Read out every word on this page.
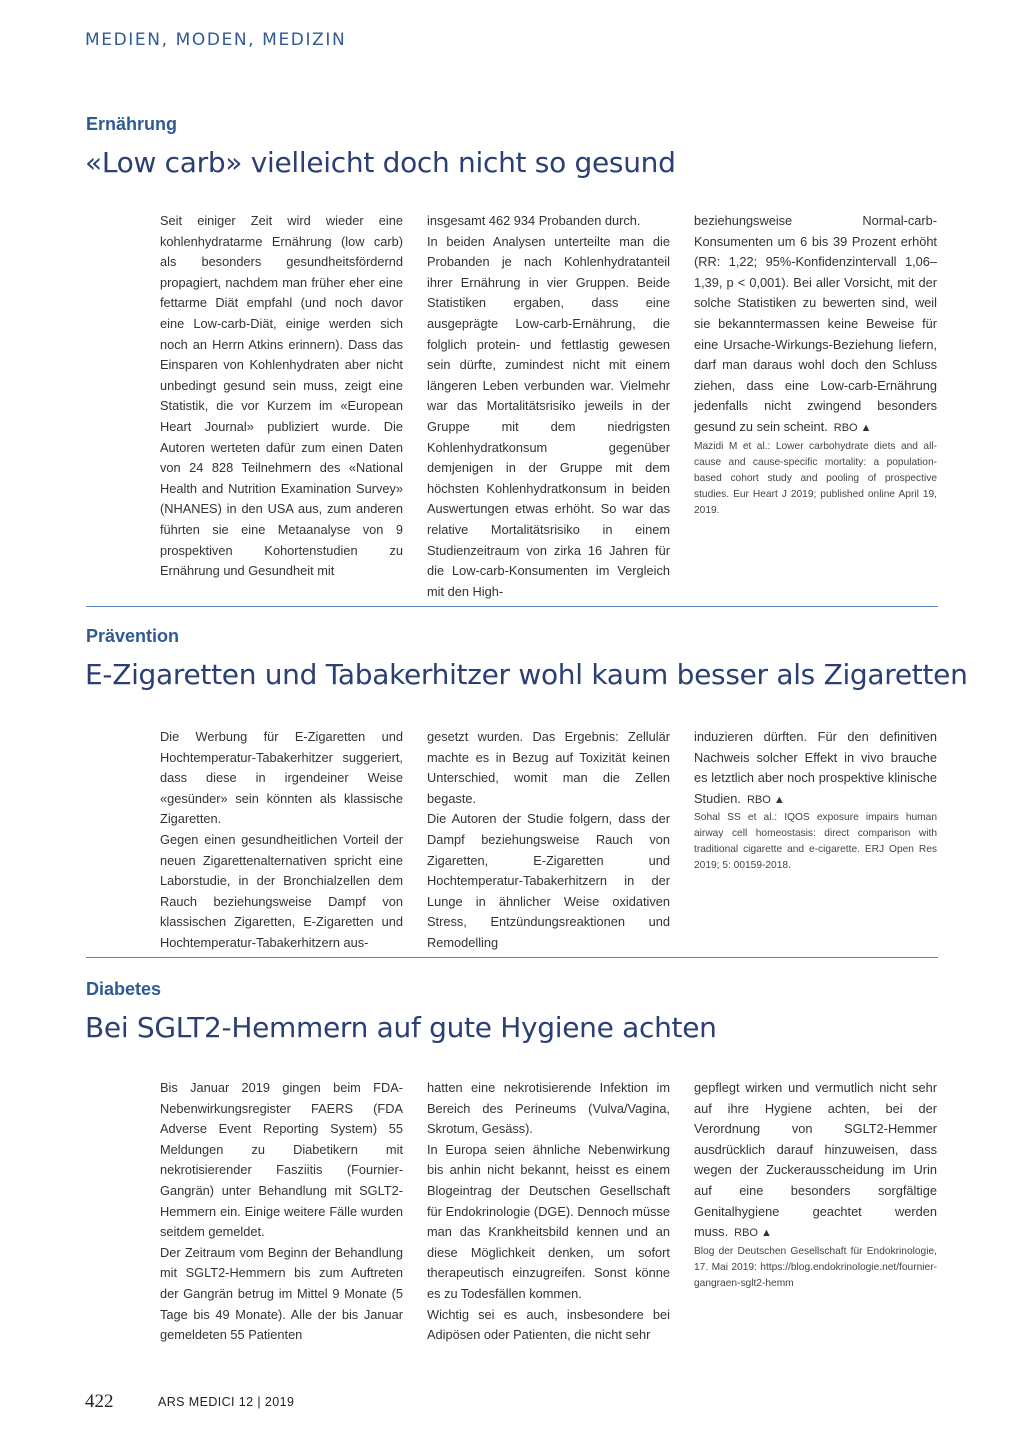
MEDIEN, MODEN, MEDIZIN
Ernährung
«Low carb» vielleicht doch nicht so gesund

Seit einiger Zeit wird wieder eine kohlenhydratarme Ernährung (low carb) als besonders gesundheitsfördernd propagiert, nachdem man früher eher eine fettarme Diät empfahl (und noch davor eine Low-carb-Diät, einige werden sich noch an Herrn Atkins erinnern). Dass das Einsparen von Kohlenhydraten aber nicht unbedingt gesund sein muss, zeigt eine Statistik, die vor Kurzem im «European Heart Journal» publiziert wurde. Die Autoren werteten dafür zum einen Daten von 24 828 Teilnehmern des «National Health and Nutrition Examination Survey» (NHANES) in den USA aus, zum anderen führten sie eine Metaanalyse von 9 prospektiven Kohortenstudien zu Ernährung und Gesundheit mit

insgesamt 462 934 Probanden durch.

In beiden Analysen unterteilte man die Probanden je nach Kohlenhydratanteil ihrer Ernährung in vier Gruppen. Beide Statistiken ergaben, dass eine ausgeprägte Low-carb-Ernährung, die folglich protein- und fettlastig gewesen sein dürfte, zumindest nicht mit einem längeren Leben verbunden war. Vielmehr war das Mortalitätsrisiko jeweils in der Gruppe mit dem niedrigsten Kohlenhydratkonsum gegenüber demjenigen in der Gruppe mit dem höchsten Kohlenhydratkonsum in beiden Auswertungen etwas erhöht. So war das relative Mortalitätsrisiko in einem Studienzeitraum von zirka 16 Jahren für die Low-carb-Konsumenten im Vergleich mit den High-

beziehungsweise Normal-carb-Konsumenten um 6 bis 39 Prozent erhöht (RR: 1,22; 95%-Konfidenzintervall 1,06–1,39, p < 0,001). Bei aller Vorsicht, mit der solche Statistiken zu bewerten sind, weil sie bekanntermassen keine Beweise für eine Ursache-Wirkungs-Beziehung liefern, darf man daraus wohl doch den Schluss ziehen, dass eine Low-carb-Ernährung jedenfalls nicht zwingend besonders gesund zu sein scheint. RBO ▲

Mazidi M et al.: Lower carbohydrate diets and all-cause and cause-specific mortality: a population-based cohort study and pooling of prospective studies. Eur Heart J 2019; published online April 19, 2019.

Prävention
E-Zigaretten und Tabakerhitzer wohl kaum besser als Zigaretten

Die Werbung für E-Zigaretten und Hochtemperatur-Tabakerhitzer suggeriert, dass diese in irgendeiner Weise «gesünder» sein könnten als klassische Zigaretten.

Gegen einen gesundheitlichen Vorteil der neuen Zigarettenalternativen spricht eine Laborstudie, in der Bronchialzellen dem Rauch beziehungsweise Dampf von klassischen Zigaretten, E-Zigaretten und Hochtemperatur-Tabakerhitzern aus-

gesetzt wurden. Das Ergebnis: Zellulär machte es in Bezug auf Toxizität keinen Unterschied, womit man die Zellen begaste.

Die Autoren der Studie folgern, dass der Dampf beziehungsweise Rauch von Zigaretten, E-Zigaretten und Hochtemperatur-Tabakerhitzern in der Lunge in ähnlicher Weise oxidativen Stress, Entzündungsreaktionen und Remodelling

induzieren dürften. Für den definitiven Nachweis solcher Effekt in vivo brauche es letztlich aber noch prospektive klinische Studien. RBO ▲

Sohal SS et al.: IQOS exposure impairs human airway cell homeostasis: direct comparison with traditional cigarette and e-cigarette. ERJ Open Res 2019; 5: 00159-2018.

Diabetes
Bei SGLT2-Hemmern auf gute Hygiene achten

Bis Januar 2019 gingen beim FDA-Nebenwirkungsregister FAERS (FDA Adverse Event Reporting System) 55 Meldungen zu Diabetikern mit nekrotisierender Fasziitis (Fournier-Gangrän) unter Behandlung mit SGLT2-Hemmern ein. Einige weitere Fälle wurden seitdem gemeldet.

Der Zeitraum vom Beginn der Behandlung mit SGLT2-Hemmern bis zum Auftreten der Gangrän betrug im Mittel 9 Monate (5 Tage bis 49 Monate). Alle der bis Januar gemeldeten 55 Patienten

hatten eine nekrotisierende Infektion im Bereich des Perineums (Vulva/Vagina, Skrotum, Gesäss).

In Europa seien ähnliche Nebenwirkung bis anhin nicht bekannt, heisst es einem Blogeintrag der Deutschen Gesellschaft für Endokrinologie (DGE). Dennoch müsse man das Krankheitsbild kennen und an diese Möglichkeit denken, um sofort therapeutisch einzugreifen. Sonst könne es zu Todesfällen kommen.

Wichtig sei es auch, insbesondere bei Adipösen oder Patienten, die nicht sehr

gepflegt wirken und vermutlich nicht sehr auf ihre Hygiene achten, bei der Verordnung von SGLT2-Hemmer ausdrücklich darauf hinzuweisen, dass wegen der Zuckerausscheidung im Urin auf eine besonders sorgfältige Genitalhygiene geachtet werden muss. RBO ▲

Blog der Deutschen Gesellschaft für Endokrinologie, 17. Mai 2019: https://blog.endokrinologie.net/fournier-gangraen-sglt2-hemm

422	ARS MEDICI 12 | 2019
